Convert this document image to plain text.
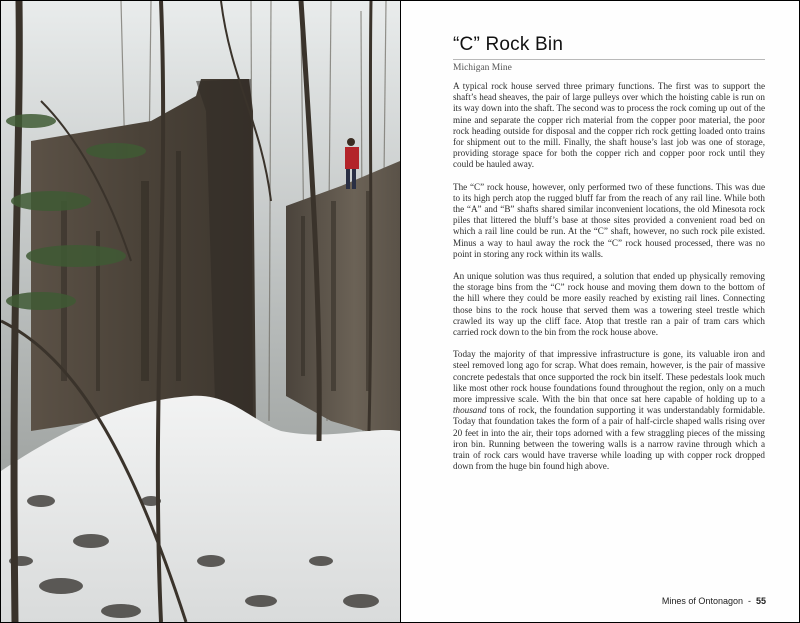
“C” Rock Bin
Michigan Mine

A typical rock house served three primary functions. The first was to support the shaft’s head sheaves, the pair of large pulleys over which the hoisting cable is run on its way down into the shaft. The second was to process the rock coming up out of the mine and separate the copper rich material from the copper poor material, the poor rock heading outside for disposal and the copper rich rock getting loaded onto trains for shipment out to the mill. Finally, the shaft house’s last job was one of storage, providing storage space for both the copper rich and copper poor rock until they could be hauled away.

The “C” rock house, however, only performed two of these functions. This was due to its high perch atop the rugged bluff far from the reach of any rail line. While both the “A” and “B” shafts shared similar inconvenient locations, the old Minesota rock piles that littered the bluff’s base at those sites provided a convenient road bed on which a rail line could be run. At the “C” shaft, however, no such rock pile existed. Minus a way to haul away the rock the “C” rock housed processed, there was no point in storing any rock within its walls.

An unique solution was thus required, a solution that ended up physically removing the storage bins from the “C” rock house and moving them down to the bottom of the hill where they could be more easily reached by existing rail lines. Connecting those bins to the rock house that served them was a towering steel trestle which crawled its way up the cliff face. Atop that trestle ran a pair of tram cars which carried rock down to the bin from the rock house above.

Today the majority of that impressive infrastructure is gone, its valuable iron and steel removed long ago for scrap. What does remain, however, is the pair of massive concrete pedestals that once supported the rock bin itself. These pedestals look much like most other rock house foundations found throughout the region, only on a much more impressive scale. With the bin that once sat here capable of holding up to a thousand tons of rock, the foundation supporting it was understandably formidable. Today that foundation takes the form of a pair of half-circle shaped walls rising over 20 feet in into the air, their tops adorned with a few straggling pieces of the missing iron bin. Running between the towering walls is a narrow ravine through which a train of rock cars would have traverse while loading up with copper rock dropped down from the huge bin found high above.

Mines of Ontonagon - 55
